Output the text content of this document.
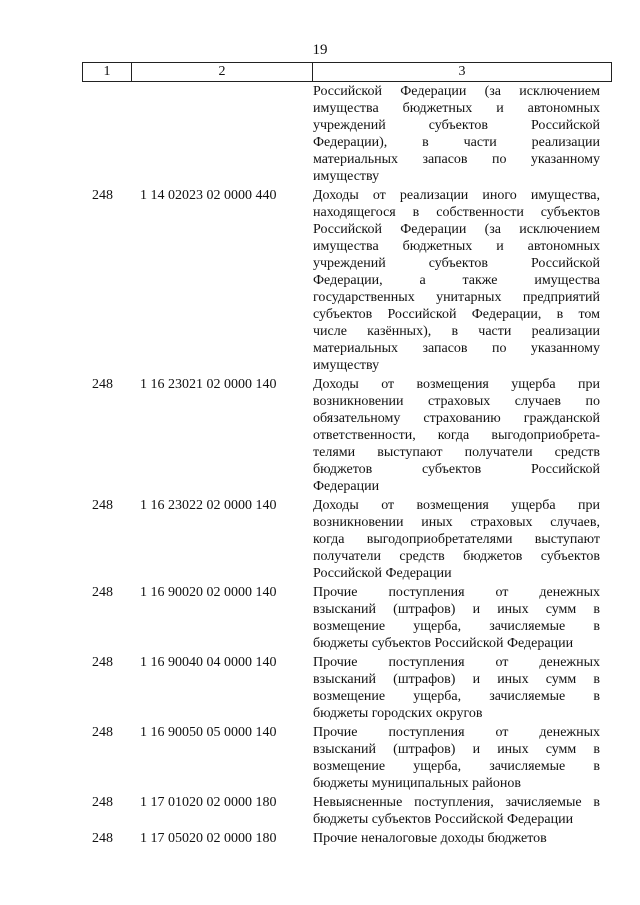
19
1	2	3
Российской Федерации (за исключением
имущества бюджетных и автономных
учреждений субъектов Российской
Федерации), в части реализации
материальных запасов по указанному
имуществу
248	1 14 02023 02 0000 440	Доходы от реализации иного имущества,
находящегося в собственности субъектов
Российской Федерации (за исключением
имущества бюджетных и автономных
учреждений субъектов Российской
Федерации, а также имущества
государственных унитарных предприятий
субъектов Российской Федерации, в том
числе казённых), в части реализации
материальных запасов по указанному
имуществу
248	1 16 23021 02 0000 140	Доходы от возмещения ущерба при
возникновении страховых случаев по
обязательному страхованию гражданской
ответственности, когда выгодоприобрета-
телями выступают получатели средств
бюджетов субъектов Российской
Федерации
248	1 16 23022 02 0000 140	Доходы от возмещения ущерба при
возникновении иных страховых случаев,
когда выгодоприобретателями выступают
получатели средств бюджетов субъектов
Российской Федерации
248	1 16 90020 02 0000 140	Прочие поступления от денежных
взысканий (штрафов) и иных сумм в
возмещение ущерба, зачисляемые в
бюджеты субъектов Российской Федерации
248	1 16 90040 04 0000 140	Прочие поступления от денежных
взысканий (штрафов) и иных сумм в
возмещение ущерба, зачисляемые в
бюджеты городских округов
248	1 16 90050 05 0000 140	Прочие поступления от денежных
взысканий (штрафов) и иных сумм в
возмещение ущерба, зачисляемые в
бюджеты муниципальных районов
248	1 17 01020 02 0000 180	Невыясненные поступления, зачисляемые в
бюджеты субъектов Российской Федерации
248	1 17 05020 02 0000 180	Прочие неналоговые доходы бюджетов
